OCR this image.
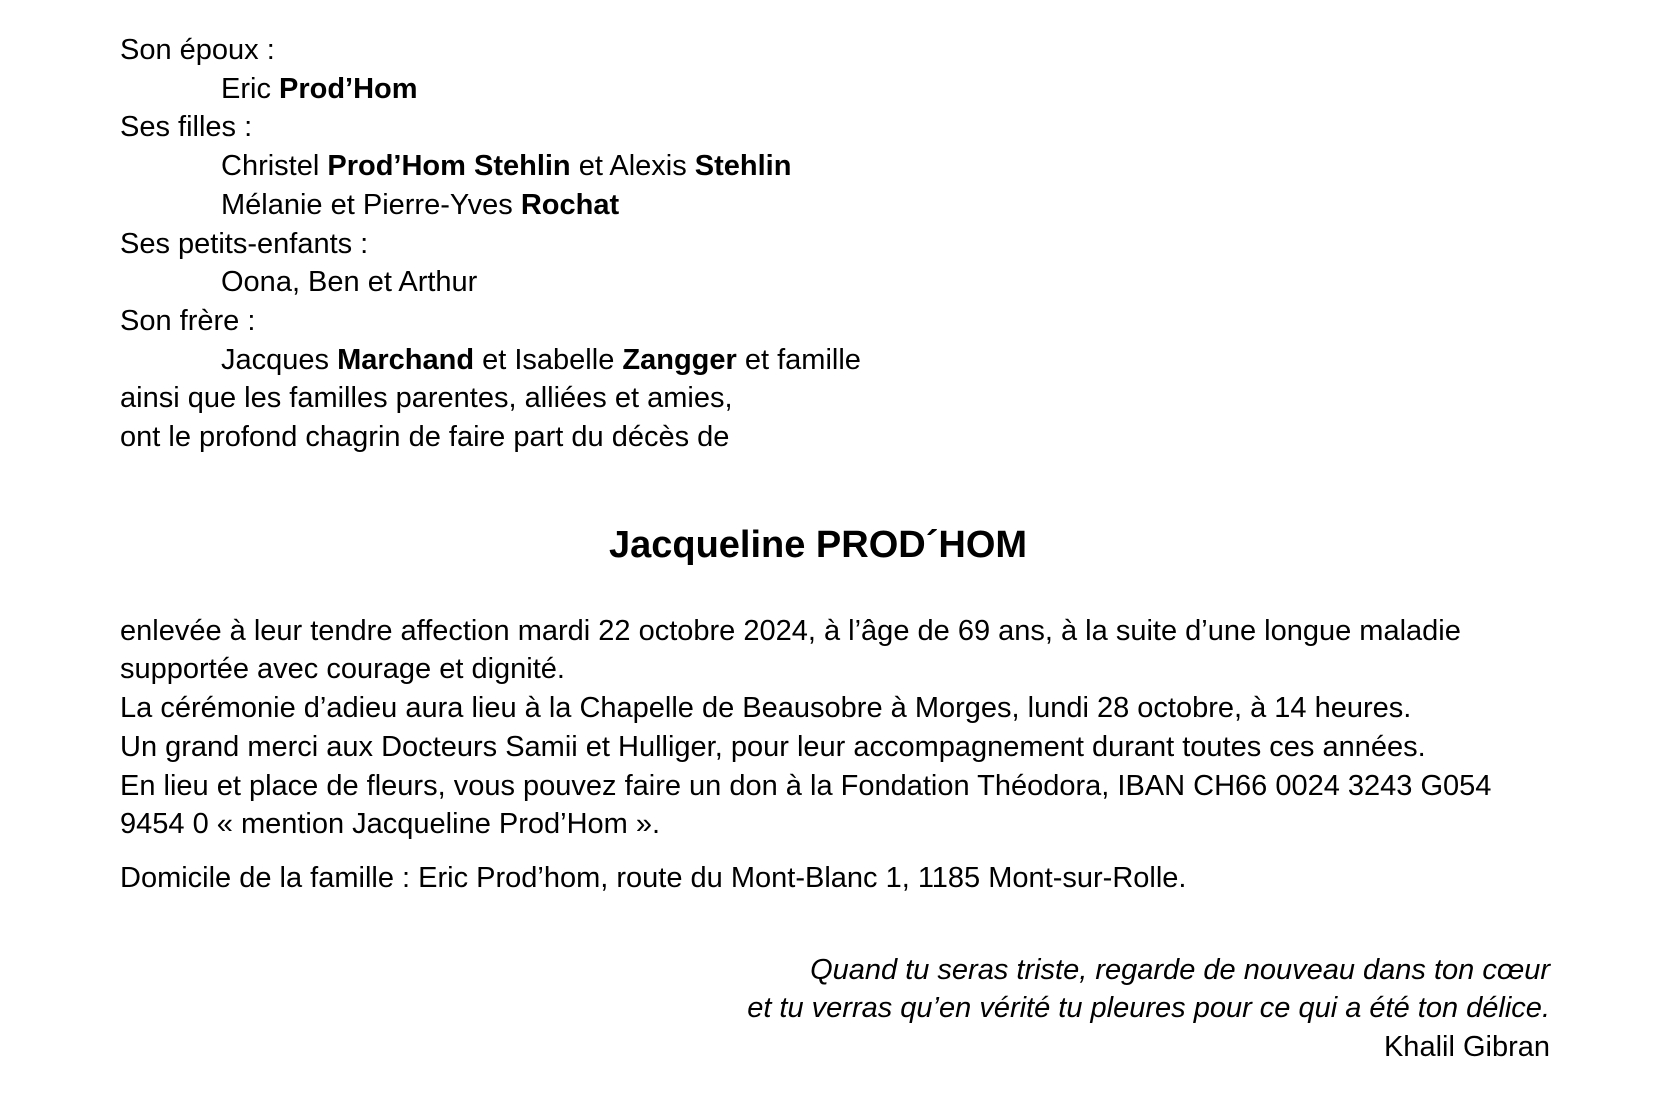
Son époux :
Eric Prod’Hom
Ses filles :
Christel Prod’Hom Stehlin et Alexis Stehlin
Mélanie et Pierre-Yves Rochat
Ses petits-enfants :
Oona, Ben et Arthur
Son frère :
Jacques Marchand et Isabelle Zangger et famille
ainsi que les familles parentes, alliées et amies,
ont le profond chagrin de faire part du décès de
Jacqueline PROD´HOM
enlevée à leur tendre affection mardi 22 octobre 2024, à l’âge de 69 ans, à la suite d’une longue maladie
supportée avec courage et dignité.
La cérémonie d’adieu aura lieu à la Chapelle de Beausobre à Morges, lundi 28 octobre, à 14 heures.
Un grand merci aux Docteurs Samii et Hulliger, pour leur accompagnement durant toutes ces années.
En lieu et place de fleurs, vous pouvez faire un don à la Fondation Théodora, IBAN CH66 0024 3243 G054
9454 0 « mention Jacqueline Prod’Hom ».
Domicile de la famille : Eric Prod’hom, route du Mont-Blanc 1, 1185 Mont-sur-Rolle.
Quand tu seras triste, regarde de nouveau dans ton cœur
et tu verras qu’en vérité tu pleures pour ce qui a été ton délice.
Khalil Gibran
